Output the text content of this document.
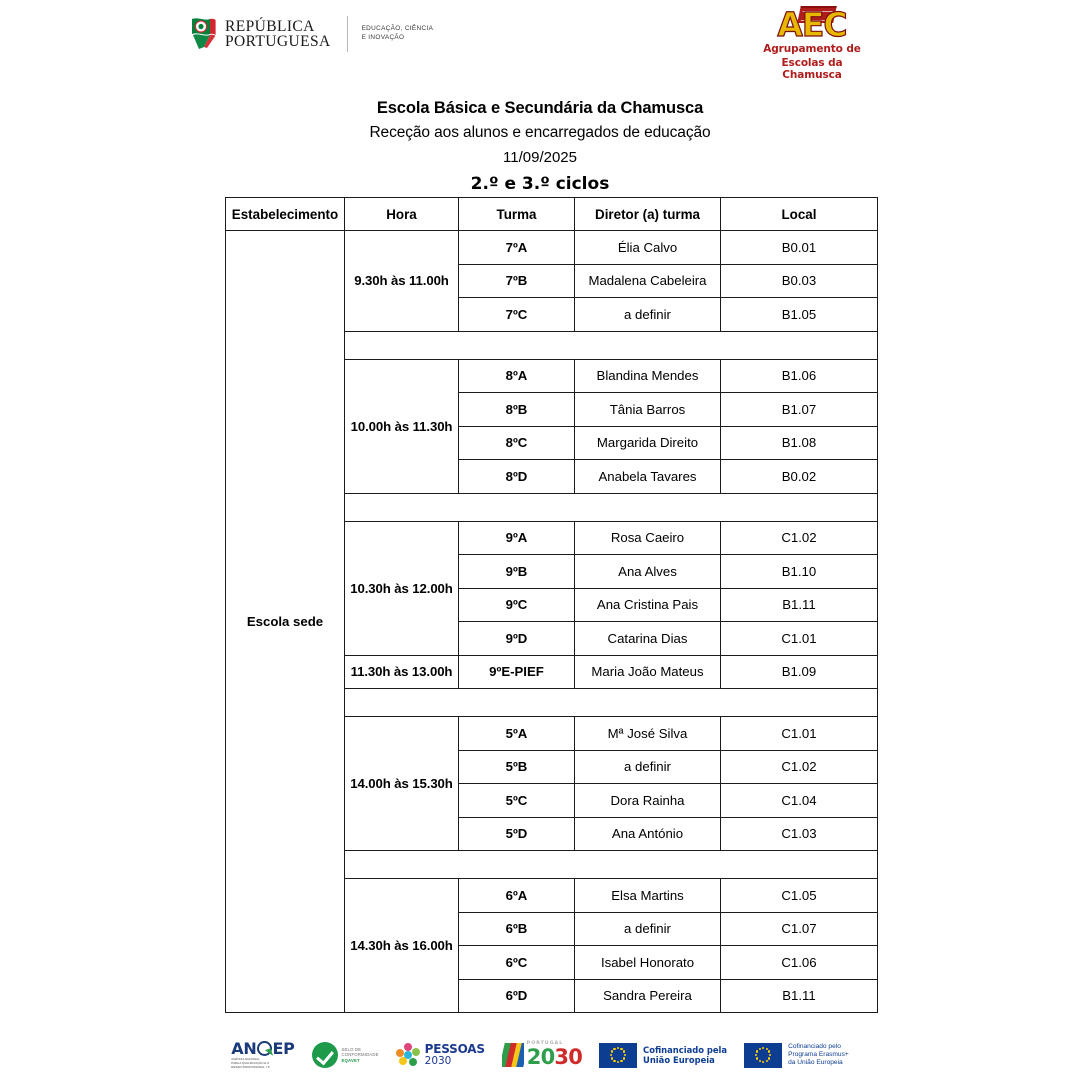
REPÚBLICA
PORTUGUESA
EDUCAÇÃO, CIÊNCIA
E INOVAÇÃO	AEC
Agrupamento de
Escolas da Chamusca
Escola Básica e Secundária da Chamusca
Receção aos alunos e encarregados de educação
11/09/2025
2.º e 3.º ciclos
Estabelecimento	Hora	Turma	Diretor (a) turma	Local
Escola sede	9.30h às 11.00h	7ºA	Élia Calvo	B0.01
		7ºB	Madalena Cabeleira	B0.03
		7ºC	a definir	B1.05

	10.00h às 11.30h	8ºA	Blandina Mendes	B1.06
		8ºB	Tânia Barros	B1.07
		8ºC	Margarida Direito	B1.08
		8ºD	Anabela Tavares	B0.02

	10.30h às 12.00h	9ºA	Rosa Caeiro	C1.02
		9ºB	Ana Alves	B1.10
		9ºC	Ana Cristina Pais	B1.11
		9ºD	Catarina Dias	C1.01
	11.30h às 13.00h	9ºE-PIEF	Maria João Mateus	B1.09

	14.00h às 15.30h	5ºA	Mª José Silva	C1.01
		5ºB	a definir	C1.02
		5ºC	Dora Rainha	C1.04
		5ºD	Ana António	C1.03

	14.30h às 16.00h	6ºA	Elsa Martins	C1.05
		6ºB	a definir	C1.07
		6ºC	Isabel Honorato	C1.06
		6ºD	Sandra Pereira	B1.11
AN EP
AGÊNCIA NACIONAL
PARA A QUALIFICAÇÃO E O
ENSINO PROFISSIONAL, I.P.
SELO DE
CONFORMIDADE
EQAVET
PESSOAS
2030
PORTUGAL
2030	Cofinanciado pela
União Europeia
Cofinanciado pelo
Programa Erasmus+
da União Europeia
